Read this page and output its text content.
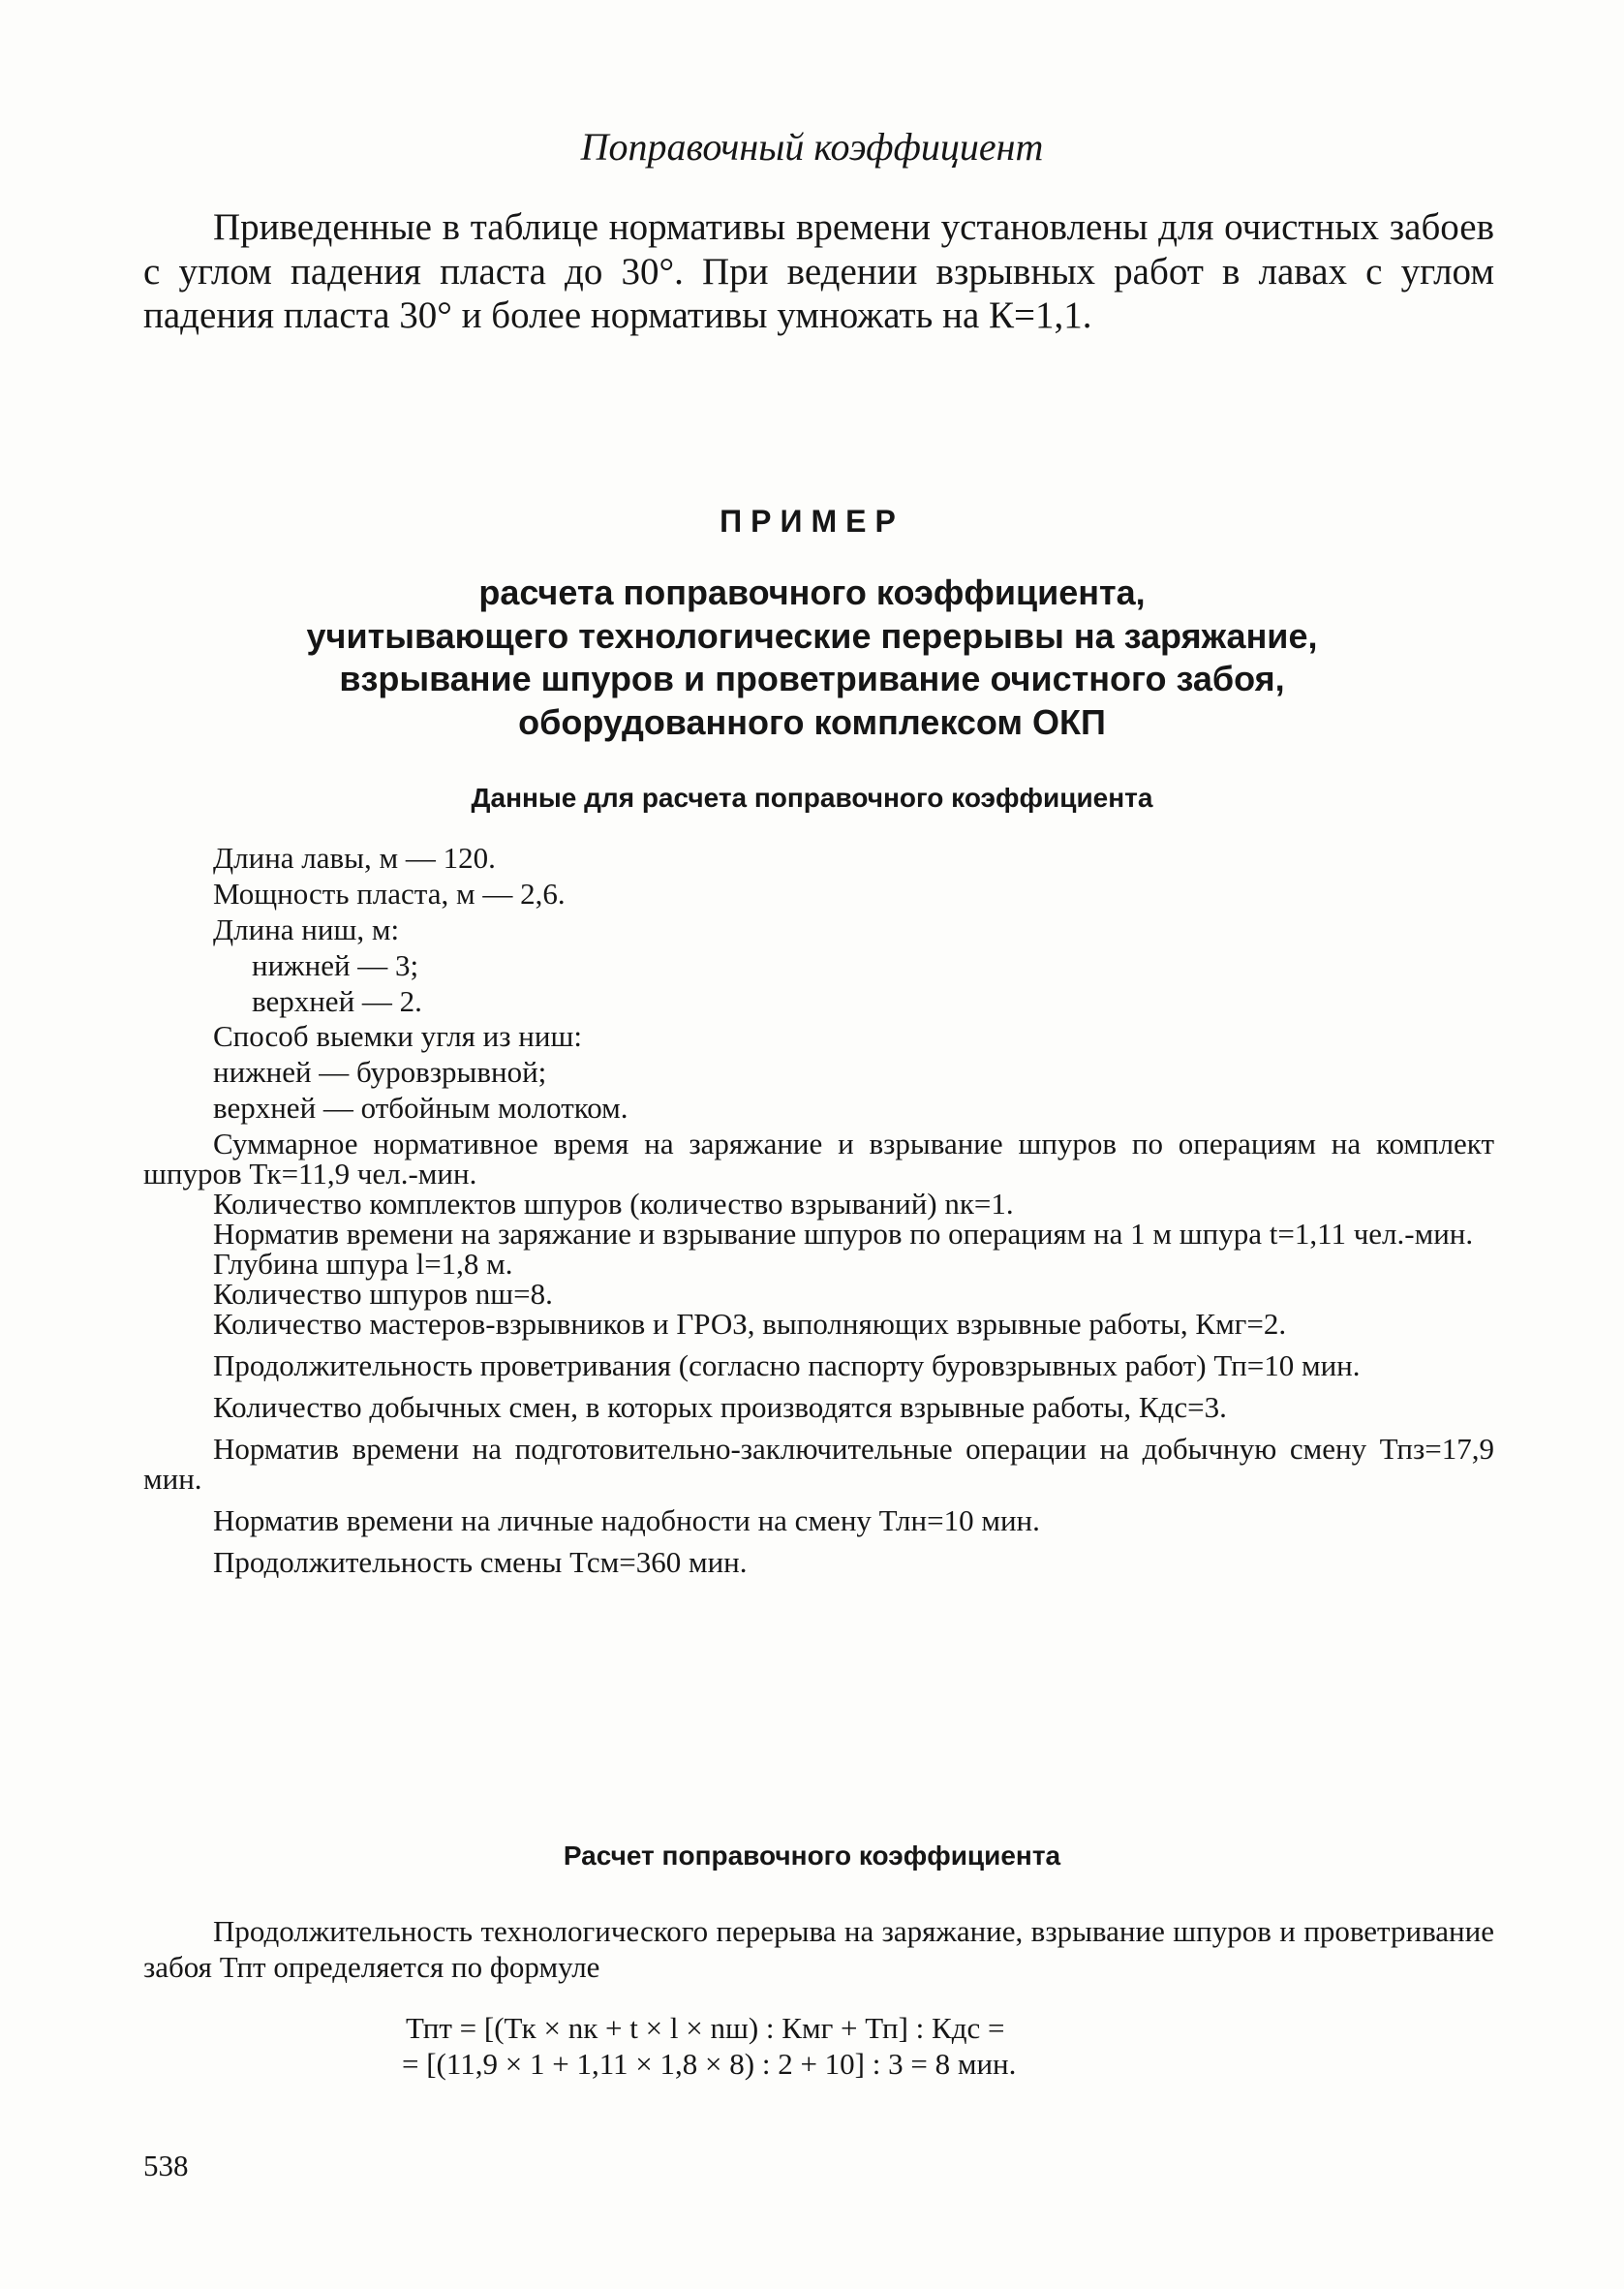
Поправочный коэффициент

Приведенные в таблице нормативы времени установлены для очистных забоев с углом падения пласта до 30°. При ведении взрывных работ в лавах с углом падения пласта 30° и более нормативы умножать на К=1,1.

ПРИМЕР
расчета поправочного коэффициента,
учитывающего технологические перерывы на заряжание,
взрывание шпуров и проветривание очистного забоя,
оборудованного комплексом ОКП
Данные для расчета поправочного коэффициента
Длина лавы, м — 120.
Мощность пласта, м — 2,6.
Длина ниш, м:
нижней — 3;
верхней — 2.
Способ выемки угля из ниш:
нижней — буровзрывной;
верхней — отбойным молотком.

Суммарное нормативное время на заряжание и взрывание шпуров по операциям на комплект шпуров Тк=11,9 чел.-мин.

Количество комплектов шпуров (количество взрываний) nк=1.

Норматив времени на заряжание и взрывание шпуров по операциям на 1 м шпура t=1,11 чел.-мин.

Глубина шпура l=1,8 м.

Количество шпуров nш=8.

Количество мастеров-взрывников и ГРОЗ, выполняющих взрывные работы, Кмг=2.

Продолжительность проветривания (согласно паспорту буровзрывных работ) Тп=10 мин.

Количество добычных смен, в которых производятся взрывные работы, Кдс=3.

Норматив времени на подготовительно-заключительные операции на добычную смену Тпз=17,9 мин.

Норматив времени на личные надобности на смену Тлн=10 мин.

Продолжительность смены Тсм=360 мин.

Расчет поправочного коэффициента

Продолжительность технологического перерыва на заряжание, взрывание шпуров и проветривание забоя Тпт определяется по формуле

Тпт = [(Тк × nк + t × l × nш) : Кмг + Тп] : Кдс =
= [(11,9 × 1 + 1,11 × 1,8 × 8) : 2 + 10] : 3 = 8 мин.
538
